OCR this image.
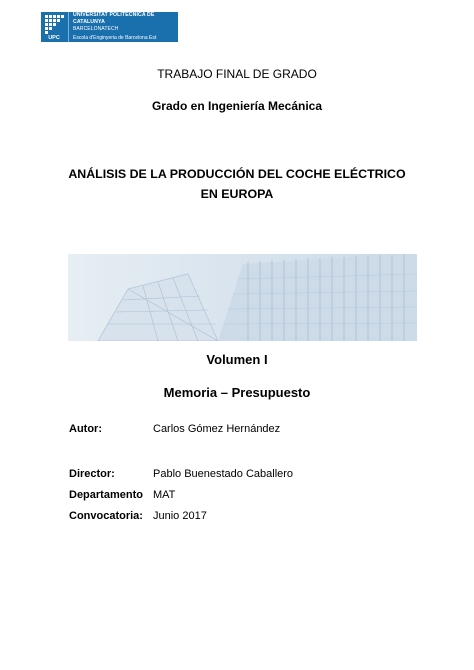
UPC
UNIVERSITAT POLITÈCNICA DE CATALUNYA
BARCELONATECH
Escola d'Enginyeria de Barcelona Est
TRABAJO FINAL DE GRADO
Grado en Ingeniería Mecánica
ANÁLISIS DE LA PRODUCCIÓN DEL COCHE ELÉCTRICO EN EUROPA
Volumen I
Memoria – Presupuesto
Autor:	Carlos Gómez Hernández
Director:	Pablo Buenestado Caballero
Departamento MAT
Convocatoria: Junio 2017
